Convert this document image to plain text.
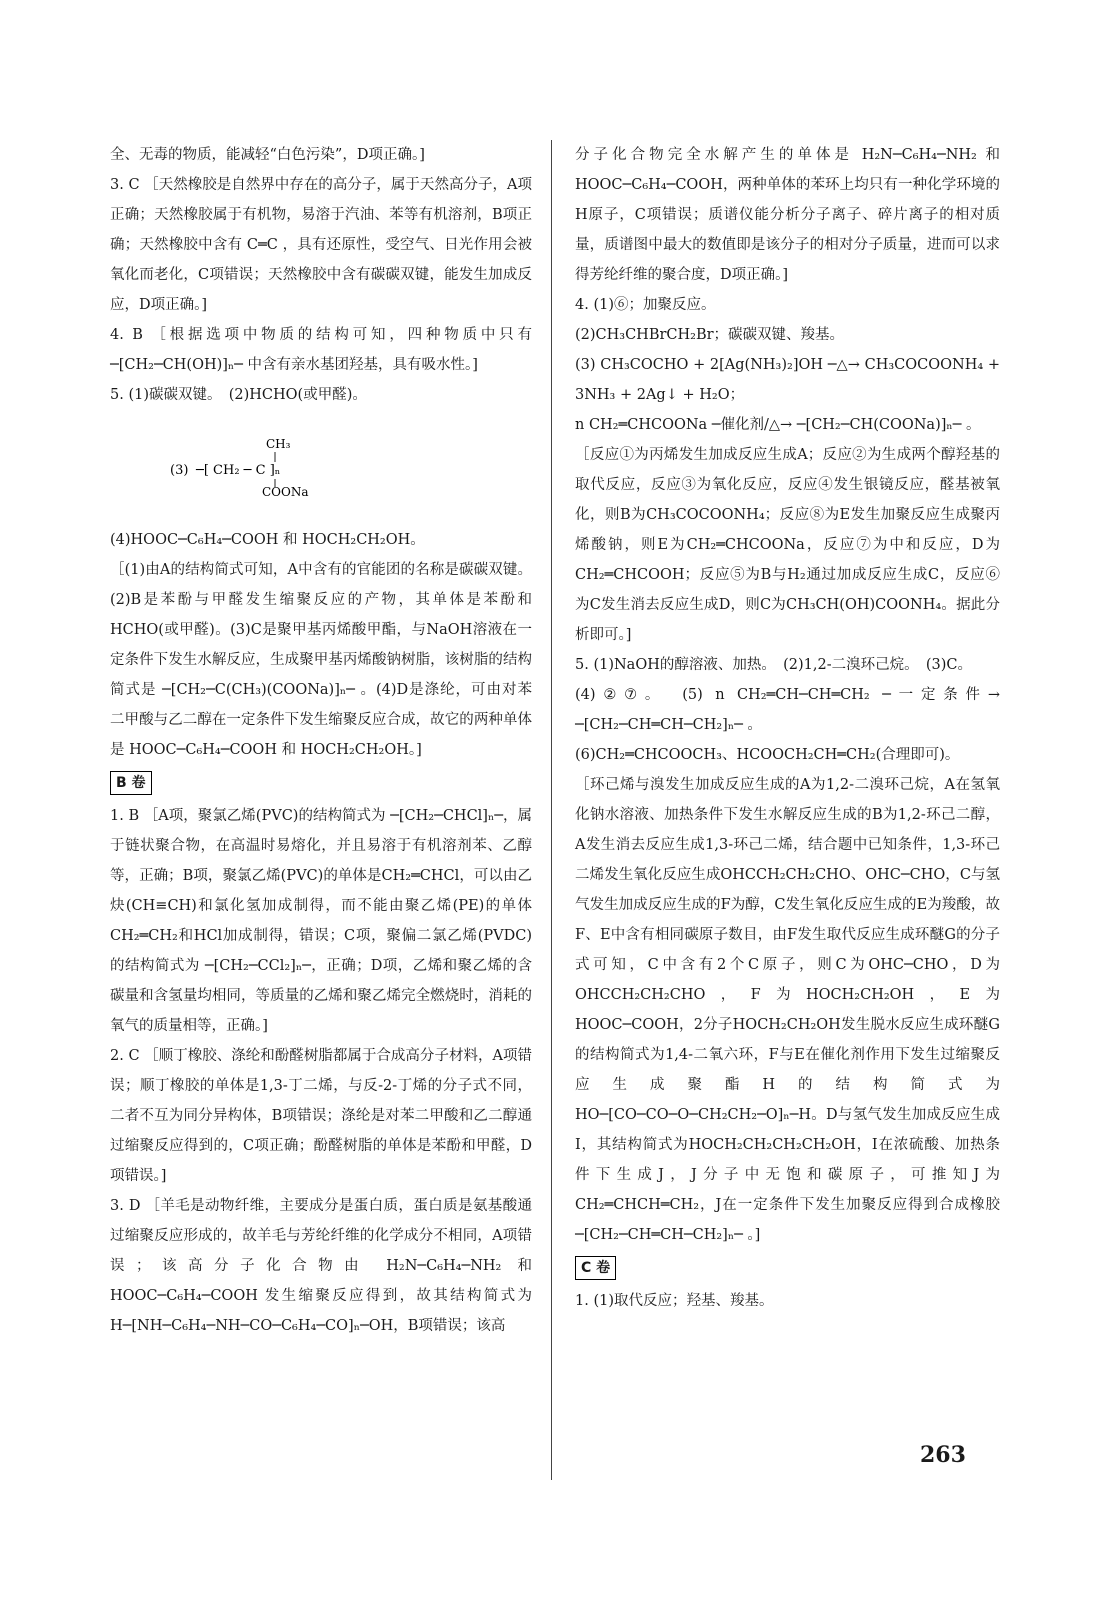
全、无毒的物质，能减轻“白色污染”，D项正确。]

3. C ［天然橡胶是自然界中存在的高分子，属于天然高分子，A项正确；天然橡胶属于有机物，易溶于汽油、苯等有机溶剂，B项正确；天然橡胶中含有 C═C ，具有还原性，受空气、日光作用会被氧化而老化，C项错误；天然橡胶中含有碳碳双键，能发生加成反应，D项正确。]

4. B ［根据选项中物质的结构可知，四种物质中只有 ─[CH₂─CH(OH)]ₙ─ 中含有亲水基团羟基，具有吸水性。]

5. (1)碳碳双键。　(2)HCHO(或甲醛)。

CH₃
(3) ─[ CH₂ ─ C ]ₙ
COONa

(4)HOOC─C₆H₄─COOH 和 HOCH₂CH₂OH。

［(1)由A的结构简式可知，A中含有的官能团的名称是碳碳双键。(2)B是苯酚与甲醛发生缩聚反应的产物，其单体是苯酚和HCHO(或甲醛)。(3)C是聚甲基丙烯酸甲酯，与NaOH溶液在一定条件下发生水解反应，生成聚甲基丙烯酸钠树脂，该树脂的结构简式是 ─[CH₂─C(CH₃)(COONa)]ₙ─ 。(4)D是涤纶，可由对苯二甲酸与乙二醇在一定条件下发生缩聚反应合成，故它的两种单体是 HOOC─C₆H₄─COOH 和 HOCH₂CH₂OH。]

B 卷

1. B ［A项，聚氯乙烯(PVC)的结构简式为 ─[CH₂─CHCl]ₙ─，属于链状聚合物，在高温时易熔化，并且易溶于有机溶剂苯、乙醇等，正确；B项，聚氯乙烯(PVC)的单体是CH₂═CHCl，可以由乙炔(CH≡CH)和氯化氢加成制得，而不能由聚乙烯(PE)的单体CH₂═CH₂和HCl加成制得，错误；C项，聚偏二氯乙烯(PVDC)的结构简式为 ─[CH₂─CCl₂]ₙ─，正确；D项，乙烯和聚乙烯的含碳量和含氢量均相同，等质量的乙烯和聚乙烯完全燃烧时，消耗的氧气的质量相等，正确。]

2. C ［顺丁橡胶、涤纶和酚醛树脂都属于合成高分子材料，A项错误；顺丁橡胶的单体是1,3-丁二烯，与反-2-丁烯的分子式不同，二者不互为同分异构体，B项错误；涤纶是对苯二甲酸和乙二醇通过缩聚反应得到的，C项正确；酚醛树脂的单体是苯酚和甲醛，D项错误。]

3. D ［羊毛是动物纤维，主要成分是蛋白质，蛋白质是氨基酸通过缩聚反应形成的，故羊毛与芳纶纤维的化学成分不相同，A项错误；该高分子化合物由 H₂N─C₆H₄─NH₂ 和 HOOC─C₆H₄─COOH 发生缩聚反应得到，故其结构简式为 H─[NH─C₆H₄─NH─CO─C₆H₄─CO]ₙ─OH，B项错误；该高

分子化合物完全水解产生的单体是 H₂N─C₆H₄─NH₂ 和 HOOC─C₆H₄─COOH，两种单体的苯环上均只有一种化学环境的H原子，C项错误；质谱仪能分析分子离子、碎片离子的相对质量，质谱图中最大的数值即是该分子的相对分子质量，进而可以求得芳纶纤维的聚合度，D项正确。]

4. (1)⑥；加聚反应。

(2)CH₃CHBrCH₂Br；碳碳双键、羧基。

(3) CH₃COCHO + 2[Ag(NH₃)₂]OH ─△→ CH₃COCOONH₄ + 3NH₃ + 2Ag↓ + H₂O；

n CH₂═CHCOONa ─催化剂/△→ ─[CH₂─CH(COONa)]ₙ─ 。

［反应①为丙烯发生加成反应生成A；反应②为生成两个醇羟基的取代反应，反应③为氧化反应，反应④发生银镜反应，醛基被氧化，则B为CH₃COCOONH₄；反应⑧为E发生加聚反应生成聚丙烯酸钠，则E为CH₂═CHCOONa，反应⑦为中和反应，D为CH₂═CHCOOH；反应⑤为B与H₂通过加成反应生成C，反应⑥为C发生消去反应生成D，则C为CH₃CH(OH)COONH₄。据此分析即可。]

5. (1)NaOH的醇溶液、加热。　(2)1,2-二溴环己烷。　(3)C。

(4)②⑦。　(5) n CH₂═CH─CH═CH₂ ─一定条件→ ─[CH₂─CH═CH─CH₂]ₙ─ 。

(6)CH₂═CHCOOCH₃、HCOOCH₂CH═CH₂(合理即可)。

［环己烯与溴发生加成反应生成的A为1,2-二溴环己烷，A在氢氧化钠水溶液、加热条件下发生水解反应生成的B为1,2-环己二醇，A发生消去反应生成1,3-环己二烯，结合题中已知条件，1,3-环己二烯发生氧化反应生成OHCCH₂CH₂CHO、OHC─CHO，C与氢气发生加成反应生成的F为醇，C发生氧化反应生成的E为羧酸，故F、E中含有相同碳原子数目，由F发生取代反应生成环醚G的分子式可知，C中含有2个C原子，则C为OHC─CHO，D为OHCCH₂CH₂CHO，F为HOCH₂CH₂OH，E为HOOC─COOH，2分子HOCH₂CH₂OH发生脱水反应生成环醚G的结构简式为1,4-二氧六环，F与E在催化剂作用下发生过缩聚反应生成聚酯H的结构简式为 HO─[CO─CO─O─CH₂CH₂─O]ₙ─H。D与氢气发生加成反应生成I，其结构简式为HOCH₂CH₂CH₂CH₂OH，I在浓硫酸、加热条件下生成J，J分子中无饱和碳原子，可推知J为CH₂═CHCH═CH₂，J在一定条件下发生加聚反应得到合成橡胶 ─[CH₂─CH═CH─CH₂]ₙ─ 。]

C 卷

1. (1)取代反应；羟基、羧基。

263
